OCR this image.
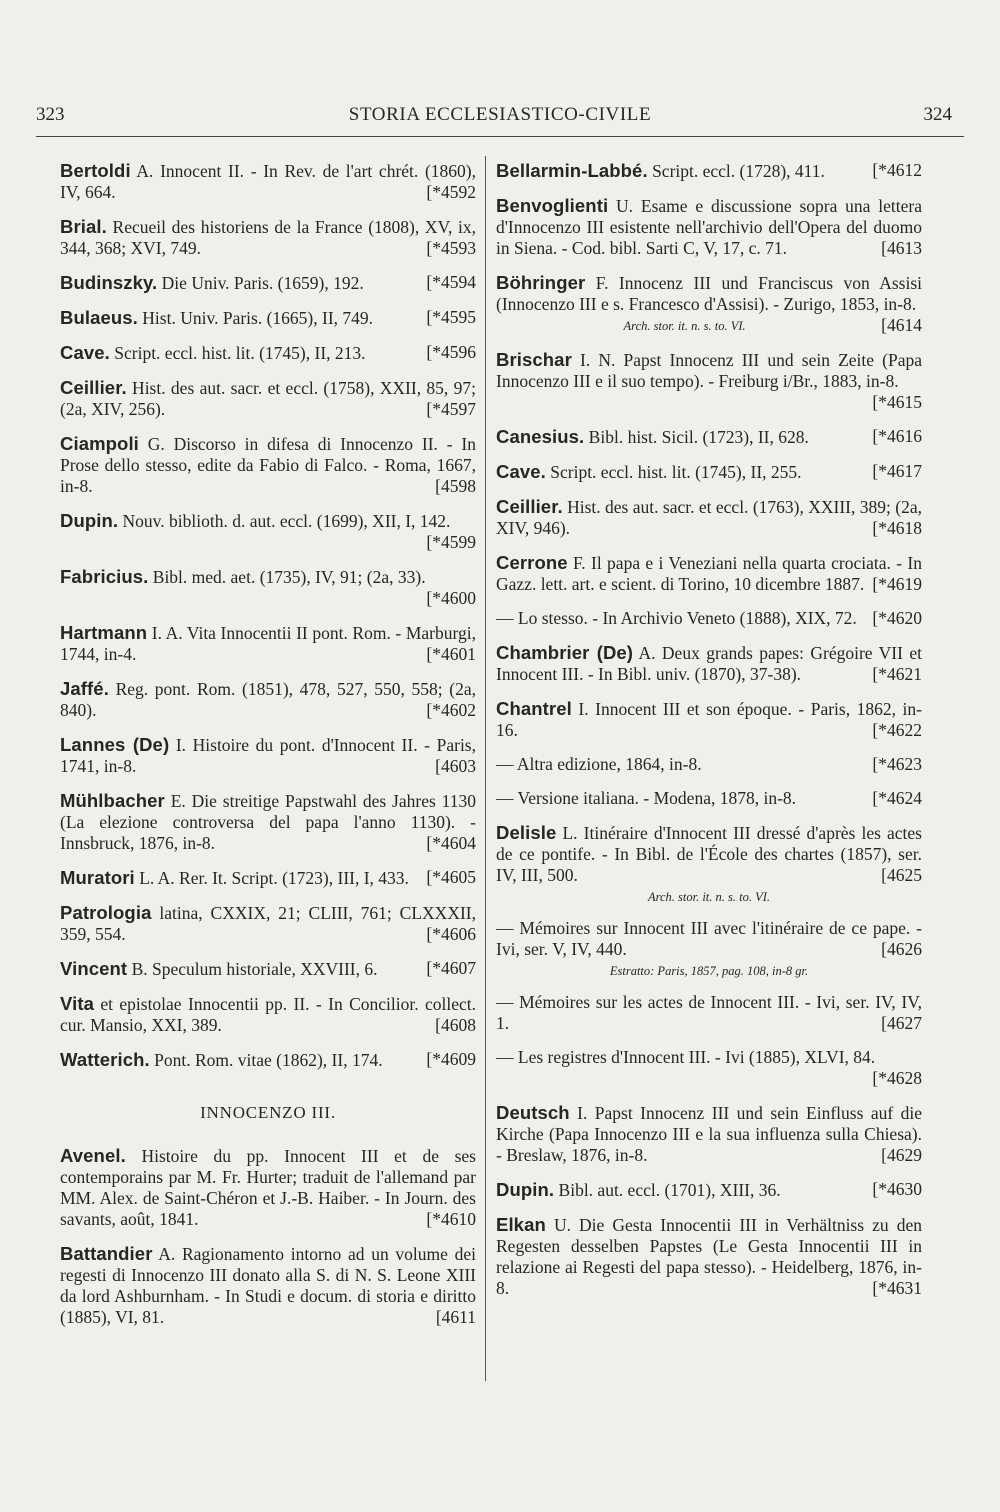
323	STORIA ECCLESIASTICO-CIVILE	324
Bertoldi A. Innocent II. - In Rev. de l'art chrét. (1860), IV, 664.	[*4592
Brial. Recueil des historiens de la France (1808), XV, ix, 344, 368; XVI, 749.	[*4593
Budinszky. Die Univ. Paris. (1659), 192.	[*4594
Bulaeus. Hist. Univ. Paris. (1665), II, 749.	[*4595
Cave. Script. eccl. hist. lit. (1745), II, 213.	[*4596
Ceillier. Hist. des aut. sacr. et eccl. (1758), XXII, 85, 97; (2a, XIV, 256).	[*4597
Ciampoli G. Discorso in difesa di Innocenzo II. - In Prose dello stesso, edite da Fabio di Falco. - Roma, 1667, in-8.	[4598
Dupin. Nouv. biblioth. d. aut. eccl. (1699), XII, I, 142.
[*4599
Fabricius. Bibl. med. aet. (1735), IV, 91; (2a, 33).
[*4600
Hartmann I. A. Vita Innocentii II pont. Rom. - Marburgi, 1744, in-4.	[*4601
Jaffé. Reg. pont. Rom. (1851), 478, 527, 550, 558; (2a, 840).	[*4602
Lannes (De) I. Histoire du pont. d'Innocent II. - Paris, 1741, in-8.	[4603
Mühlbacher E. Die streitige Papstwahl des Jahres 1130 (La elezione controversa del papa l'anno 1130). - Innsbruck, 1876, in-8.	[*4604
Muratori L. A. Rer. It. Script. (1723), III, I, 433. [*4605
Patrologia latina, CXXIX, 21; CLIII, 761; CLXXXII, 359, 554.	[*4606
Vincent B. Speculum historiale, XXVIII, 6.	[*4607
Vita et epistolae Innocentii pp. II. - In Concilior. collect. cur. Mansio, XXI, 389.	[4608
Watterich. Pont. Rom. vitae (1862), II, 174.	[*4609
INNOCENZO III.
Avenel. Histoire du pp. Innocent III et de ses contemporains par M. Fr. Hurter; traduit de l'allemand par MM. Alex. de Saint-Chéron et J.-B. Haiber. - In Journ. des savants, août, 1841.	[*4610
Battandier A. Ragionamento intorno ad un volume dei regesti di Innocenzo III donato alla S. di N. S. Leone XIII da lord Ashburnham. - In Studi e docum. di storia e diritto (1885), VI, 81.	[4611
Bellarmin-Labbé. Script. eccl. (1728), 411.	[*4612
Benvoglienti U. Esame e discussione sopra una lettera d'Innocenzo III esistente nell'archivio dell'Opera del duomo in Siena. - Cod. bibl. Sarti C, V, 17, c. 71.	[4613
Böhringer F. Innocenz III und Franciscus von Assisi (Innocenzo III e s. Francesco d'Assisi). - Zurigo, 1853, in-8.
[4614
Arch. stor. it. n. s. to. VI.
Brischar I. N. Papst Innocenz III und sein Zeite (Papa Innocenzo III e il suo tempo). - Freiburg i/Br., 1883, in-8.
[*4615
Canesius. Bibl. hist. Sicil. (1723), II, 628.	[*4616
Cave. Script. eccl. hist. lit. (1745), II, 255.	[*4617
Ceillier. Hist. des aut. sacr. et eccl. (1763), XXIII, 389; (2a, XIV, 946).	[*4618
Cerrone F. Il papa e i Veneziani nella quarta crociata. - In Gazz. lett. art. e scient. di Torino, 10 dicembre 1887. [*4619
— Lo stesso. - In Archivio Veneto (1888), XIX, 72. [*4620
Chambrier (De) A. Deux grands papes: Grégoire VII et Innocent III. - In Bibl. univ. (1870), 37-38).	[*4621
Chantrel I. Innocent III et son époque. - Paris, 1862, in-16.	[*4622
— Altra edizione, 1864, in-8.	[*4623
— Versione italiana. - Modena, 1878, in-8.	[*4624
Delisle L. Itinéraire d'Innocent III dressé d'après les actes de ce pontife. - In Bibl. de l'École des chartes (1857), ser. IV, III, 500.	[4625
Arch. stor. it. n. s. to. VI.
— Mémoires sur Innocent III avec l'itinéraire de ce pape. - Ivi, ser. V, IV, 440.	[4626
Estratto: Paris, 1857, pag. 108, in-8 gr.
— Mémoires sur les actes de Innocent III. - Ivi, ser. IV, IV, 1.	[4627
— Les registres d'Innocent III. - Ivi (1885), XLVI, 84.
[*4628
Deutsch I. Papst Innocenz III und sein Einfluss auf die Kirche (Papa Innocenzo III e la sua influenza sulla Chiesa). - Breslaw, 1876, in-8.	[4629
Dupin. Bibl. aut. eccl. (1701), XIII, 36.	[*4630
Elkan U. Die Gesta Innocentii III in Verhältniss zu den Regesten desselben Papstes (Le Gesta Innocentii III in relazione ai Regesti del papa stesso). - Heidelberg, 1876, in-8.	[*4631
